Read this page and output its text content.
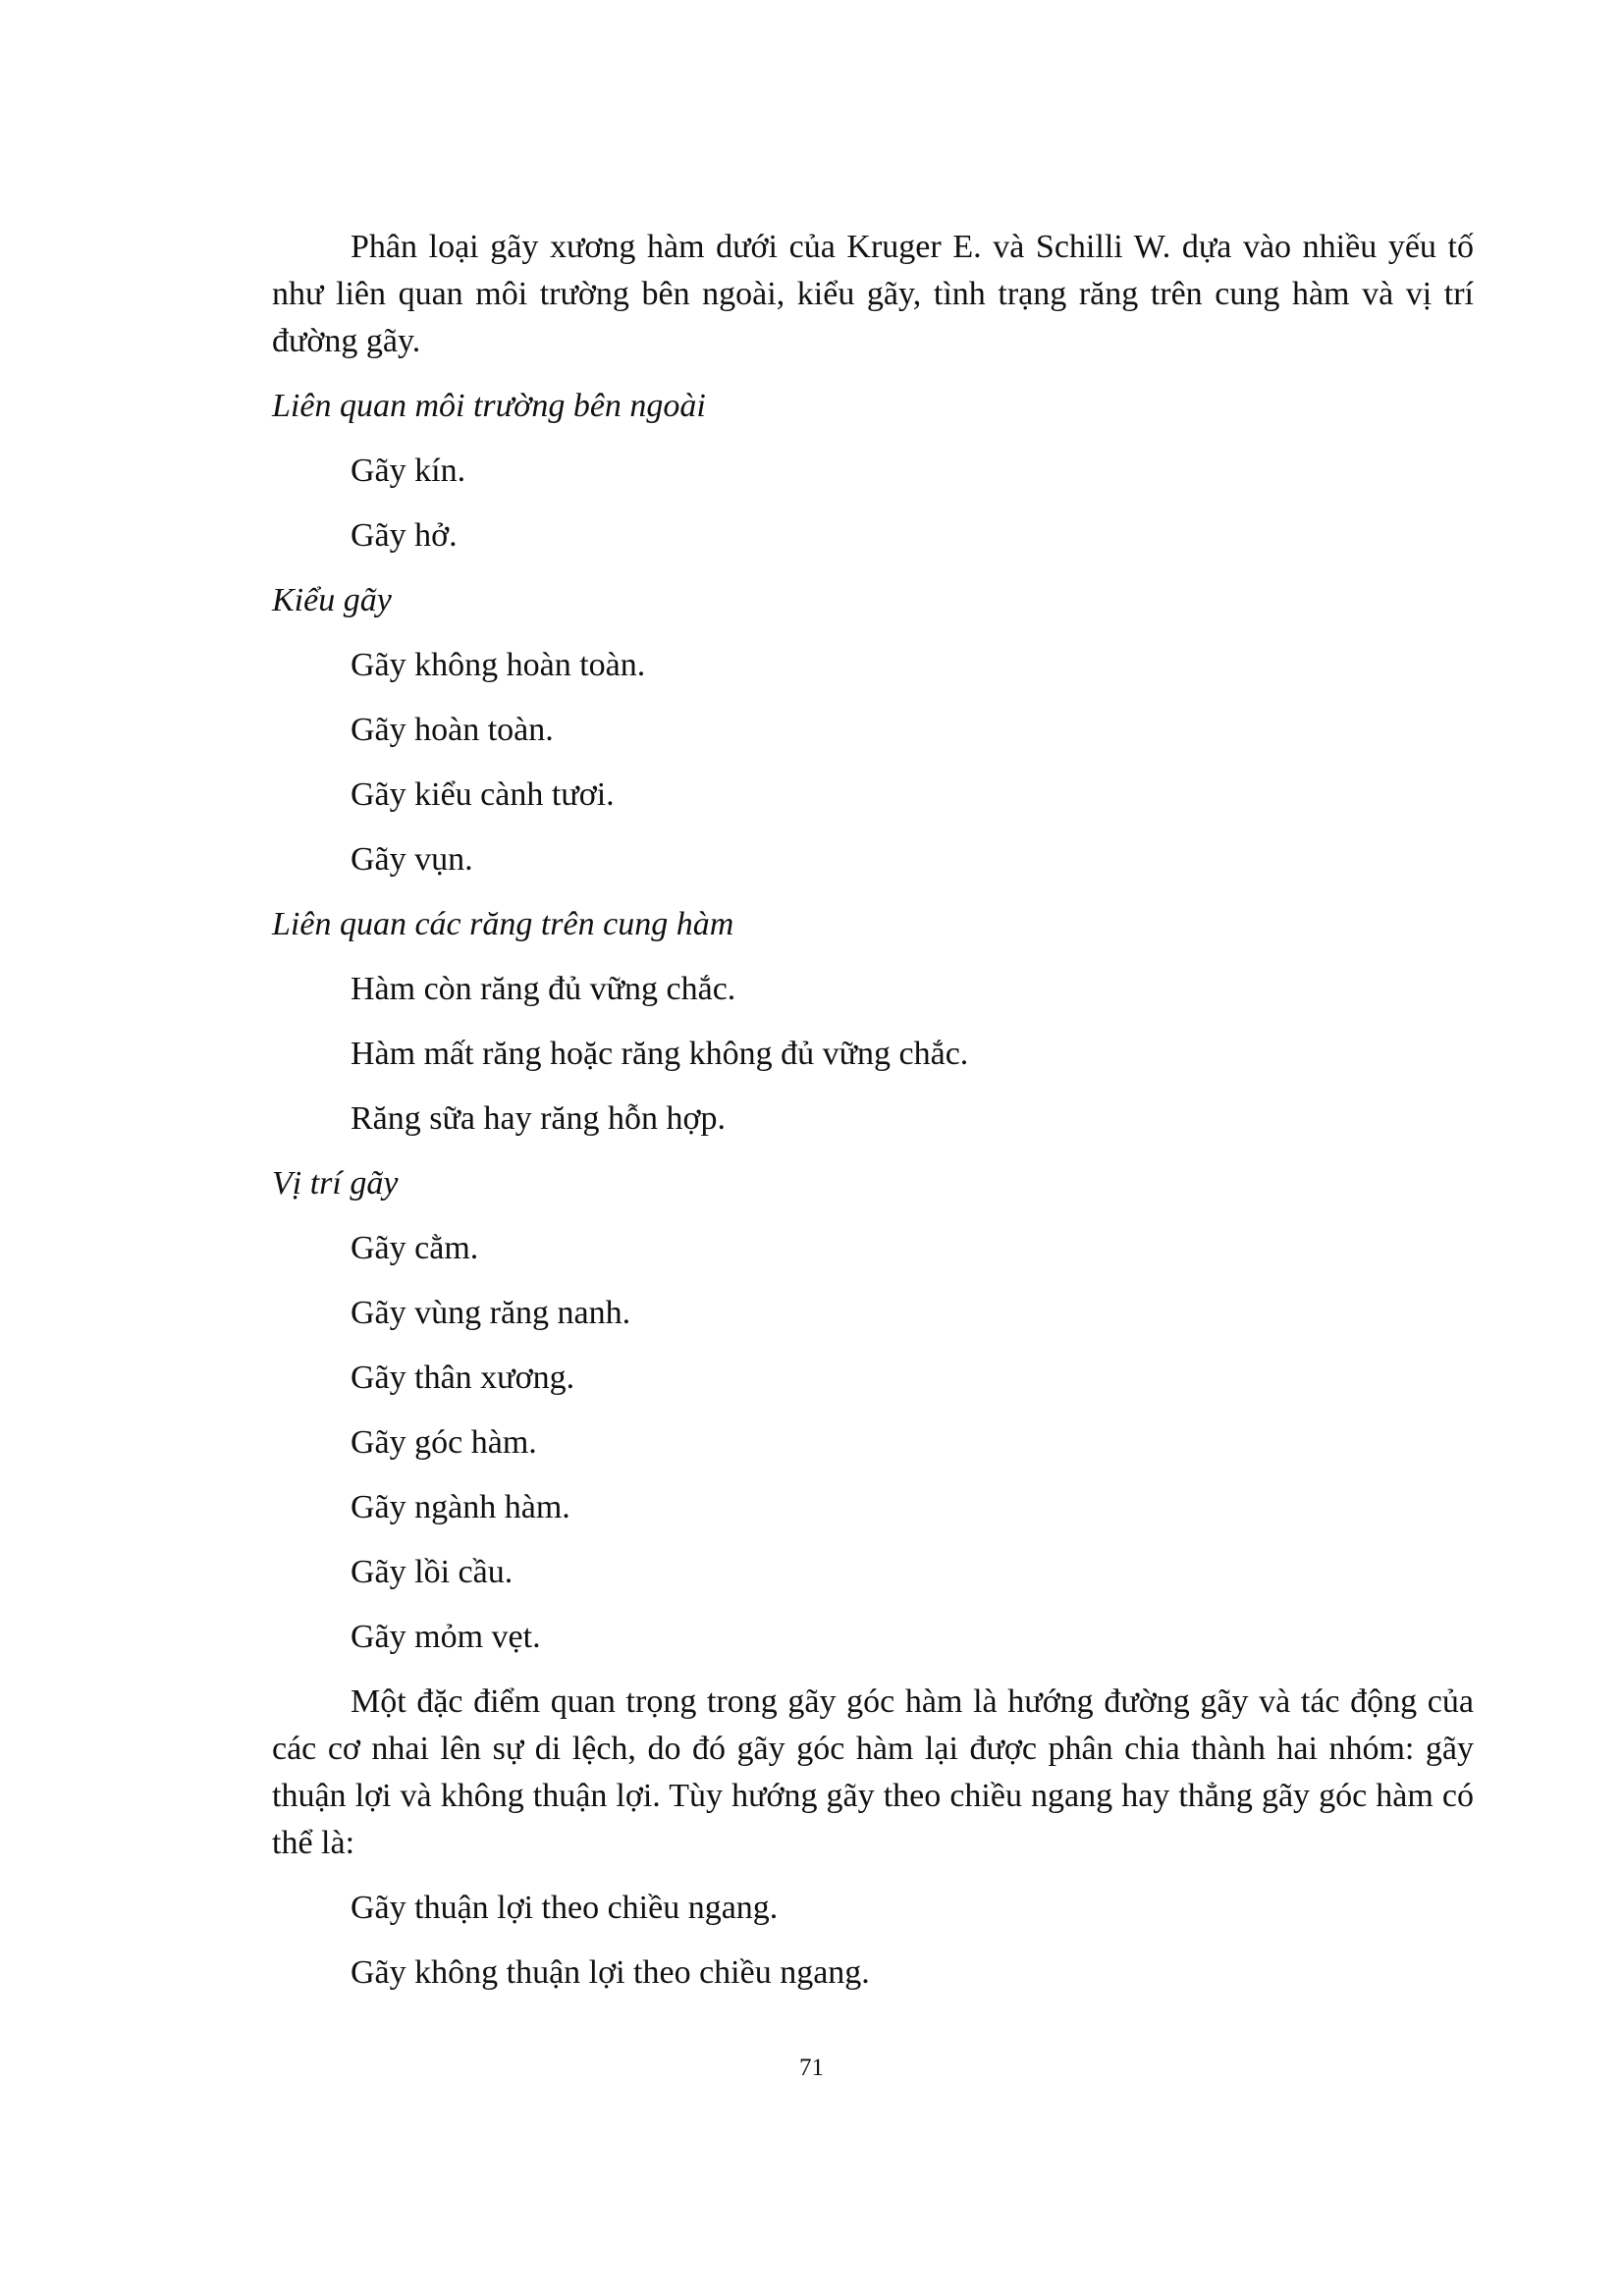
Phân loại gãy xương hàm dưới của Kruger E. và Schilli W. dựa vào nhiều yếu tố như liên quan môi trường bên ngoài, kiểu gãy, tình trạng răng trên cung hàm và vị trí đường gãy.

Liên quan môi trường bên ngoài

Gãy kín.

Gãy hở.

Kiểu gãy

Gãy không hoàn toàn.

Gãy hoàn toàn.

Gãy kiểu cành tươi.

Gãy vụn.

Liên quan các răng trên cung hàm

Hàm còn răng đủ vững chắc.

Hàm mất răng hoặc răng không đủ vững chắc.

Răng sữa hay răng hỗn hợp.

Vị trí gãy

Gãy cằm.

Gãy vùng răng nanh.

Gãy thân xương.

Gãy góc hàm.

Gãy ngành hàm.

Gãy lồi cầu.

Gãy mỏm vẹt.

Một đặc điểm quan trọng trong gãy góc hàm là hướng đường gãy và tác động của các cơ nhai lên sự di lệch, do đó gãy góc hàm lại được phân chia thành hai nhóm: gãy thuận lợi và không thuận lợi. Tùy hướng gãy theo chiều ngang hay thẳng gãy góc hàm có thể là:

Gãy thuận lợi theo chiều ngang.

Gãy không thuận lợi theo chiều ngang.

71
